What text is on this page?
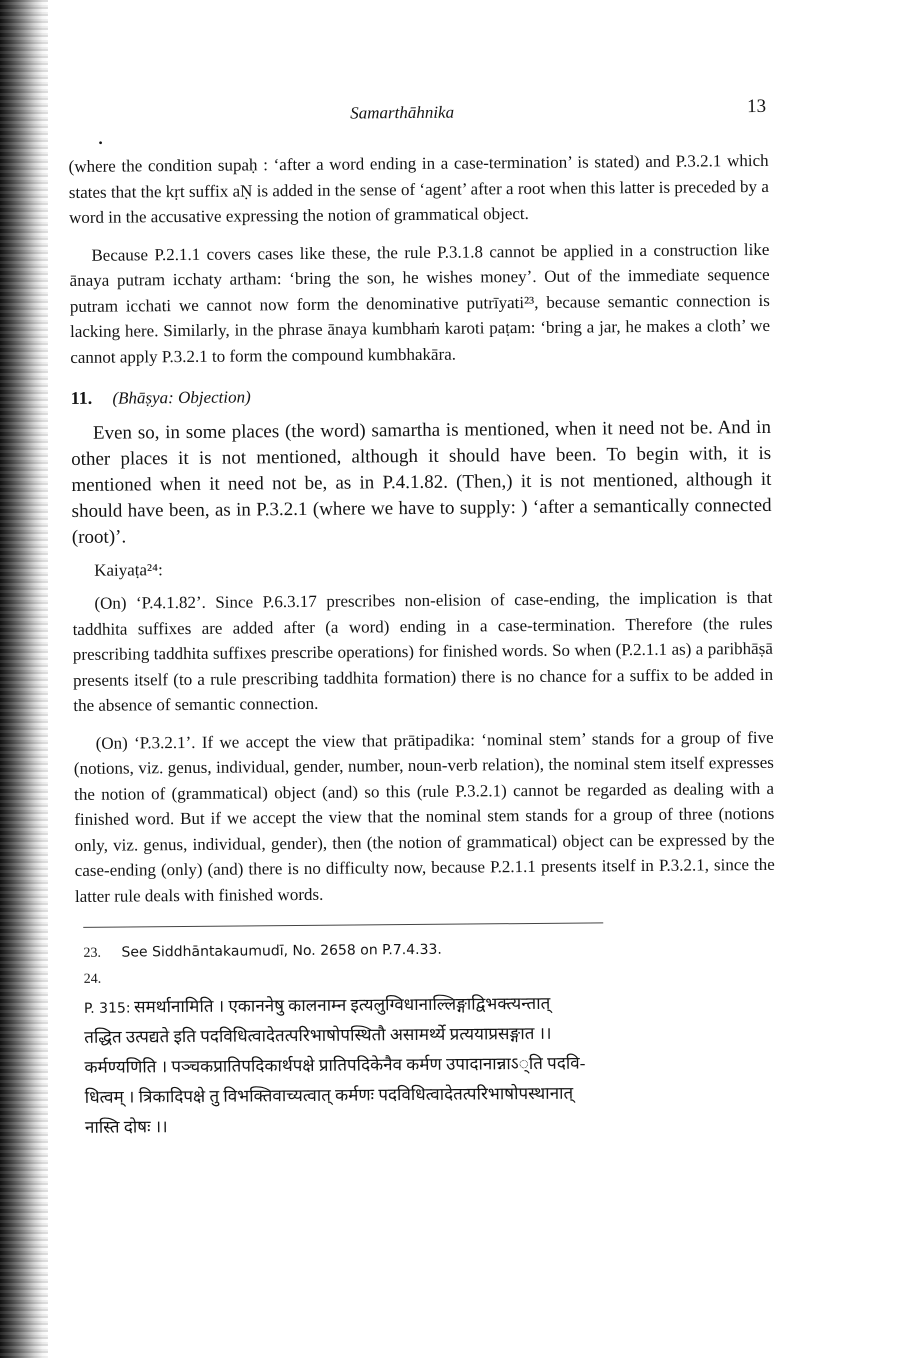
Samarthāhnika	13
•

(where the condition supaḥ : ‘after a word ending in a case-termination’ is stated) and P.3.2.1 which states that the kṛt suffix aṆ is added in the sense of ‘agent’ after a root when this latter is preceded by a word in the accusative expressing the notion of grammatical object.

Because P.2.1.1 covers cases like these, the rule P.3.1.8 cannot be applied in a construction like ānaya putram icchaty artham: ‘bring the son, he wishes money’. Out of the immediate sequence putram icchati we cannot now form the denominative putrīyati²³, because semantic connection is lacking here. Similarly, in the phrase ānaya kumbhaṁ karoti paṭam: ‘bring a jar, he makes a cloth’ we cannot apply P.3.2.1 to form the compound kumbhakāra.

11. (Bhāṣya: Objection)

Even so, in some places (the word) samartha is mentioned, when it need not be. And in other places it is not mentioned, although it should have been. To begin with, it is mentioned when it need not be, as in P.4.1.82. (Then,) it is not mentioned, although it should have been, as in P.3.2.1 (where we have to supply: ) ‘after a semantically connected (root)’.

Kaiyaṭa²⁴:

(On) ‘P.4.1.82’. Since P.6.3.17 prescribes non-elision of case-ending, the implication is that taddhita suffixes are added after (a word) ending in a case-termination. Therefore (the rules prescribing taddhita suffixes prescribe operations) for finished words. So when (P.2.1.1 as) a paribhāṣā presents itself (to a rule prescribing taddhita formation) there is no chance for a suffix to be added in the absence of semantic connection.

(On) ‘P.3.2.1’. If we accept the view that prātipadika: ‘nominal stem’ stands for a group of five (notions, viz. genus, individual, gender, number, noun-verb relation), the nominal stem itself expresses the notion of (grammatical) object (and) so this (rule P.3.2.1) cannot be regarded as dealing with a finished word. But if we accept the view that the nominal stem stands for a group of three (notions only, viz. genus, individual, gender), then (the notion of grammatical) object can be expressed by the case-ending (only) (and) there is no difficulty now, because P.2.1.1 presents itself in P.3.2.1, since the latter rule deals with finished words.

23. See Siddhāntakaumudī, No. 2658 on P.7.4.33.
24.P. 315: समर्थानामिति । एकाननेषु कालनाम्न इत्यलुग्विधानाल्लिङ्गाद्विभक्त्यन्तात्
तद्धित उत्पद्यते इति पदविधित्वादेतत्परिभाषोपस्थितौ असामर्थ्ये प्रत्ययाप्रसङ्गात ।।
कर्मण्यणिति । पञ्चकप्रातिपदिकार्थपक्षे प्रातिपदिकेनैव कर्मण उपादानान्नाऽ्ति पदवि-
धित्वम् । त्रिकादिपक्षे तु विभक्तिवाच्यत्वात् कर्मणः पदविधित्वादेतत्परिभाषोपस्थानात्
नास्ति दोषः ।।
